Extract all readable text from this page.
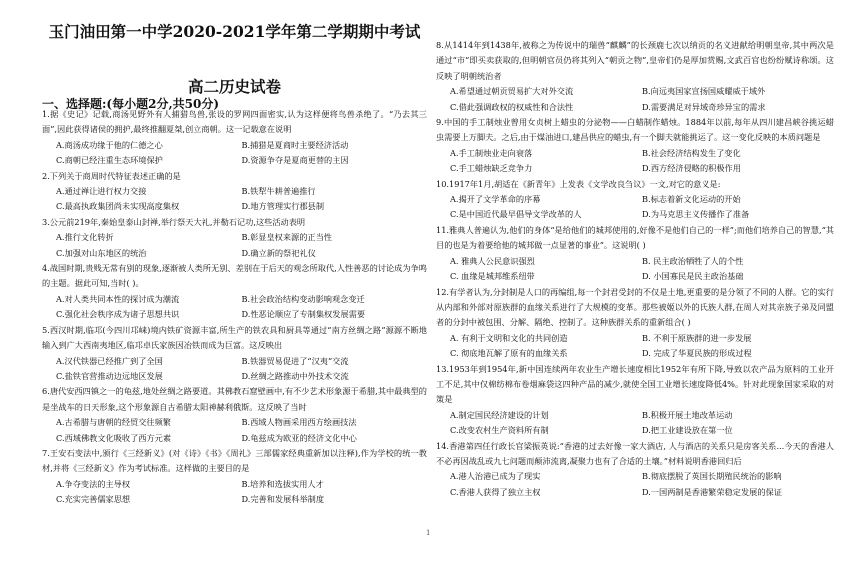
玉门油田第一中学2020-2021学年第二学期期中考试
高二历史试卷
一、选择题:(每小题2分,共50分)
1.据《史记》记载,商汤见野外有人捕猎鸟兽,张设的罗网四面密实,认为这样便将鸟兽杀绝了。“乃去其三面”,因此获得诸侯的拥护,最终推翻夏桀,创立商朝。这一记载意在说明
A.商汤成功缘于他的仁德之心	B.捕猎是夏商时主要经济活动
C.商朝已经注重生态环境保护	D.资源争夺是夏商更替的主因
2.下列关于商周时代特征表述正确的是
A.通过禅让进行权力交接	B.铁犁牛耕普遍推行
C.最高执政集团尚未实现高度集权	D.地方管理实行郡县制
3.公元前219年,秦始皇泰山封禅,举行祭天大礼,并勒石记功,这些活动表明
A.推行文化转折	B.彰显皇权来源的正当性
C.加强对山东地区的统治	D.确立新的祭祀礼仪
4.战国时期,贵贱无常有别的现象,逐渐被人类所无别、差别在于后天的观念所取代,人性善恶的讨论成为争鸣的主题。据此可知,当时( )。
A.对人类共同本性的探讨成为潮流	B.社会政治结构变动影响观念变迁
C.强化社会秩序成为诸子思想共识	D.性恶论顺应了专制集权发展需要
5.西汉时期,临邛(今四川邛崃)境内铁矿资源丰富,所生产的铁农具和厨具等通过“南方丝绸之路”源源不断地输入到广大西南夷地区,临邛卓氏家族因冶铁而成为巨富。这反映出
A.汉代铁器已经推广到了全国	B.铁器贸易促进了“汉夷”交流
C.盐铁官营推动边远地区发展	D.丝绸之路推动中外技术交流
6.唐代安西四镇之一的龟兹,地处丝绸之路要道。其佛教石窟壁画中,有不少艺术形象源于希腊,其中最典型的是坐战车的日天形象,这个形象源自古希腊太阳神赫利俄斯。这反映了当时
A.古希腊与唐朝的经贸交往频繁	B.西域人物画采用西方绘画技法
C.西域佛教文化吸收了西方元素	D.龟兹成为欧亚的经济文化中心
7.王安石变法中,颁行《三经新义》(对《诗》《书》《周礼》三部儒家经典重新加以注释),作为学校的统一教材,并将《三经新义》作为考试标准。这样做的主要目的是
A.争夺变法的主导权	B.培养和选拔实用人才
C.充实完善儒家思想	D.完善和发展科举制度
8.从1414年到1438年,被称之为传说中的瑞兽“麒麟”的长颈鹿七次以纳贡的名义进献给明朝皇帝,其中两次是通过“市”即买卖获取的,但明朝官员仍将其列入“朝贡之物”,皇帝们仍是厚加赏赐,文武百官也纷纷赋诗称颂。这反映了明朝统治者
A.希望通过朝贡贸易扩大对外交流	B.向远夷国家宣扬国威耀威于域外
C.借此强调政权的权威性和合法性	D.需要满足对异域奇珍异宝的需求
9.中国的手工制烛业曾用女贞树上蜡虫的分泌物——白蜡制作蜡烛。1884年以前,每年从四川建昌峡谷挑运蜡虫需要上万脚夫。之后,由于煤油进口,建昌供应的蜡虫,有一个脚夫就能挑运了。这一变化反映的本质问题是
A.手工制烛业走向衰落	B.社会经济结构发生了变化
C.手工蜡烛缺乏竞争力	D.西方经济侵略的积极作用
10.1917年1月,胡适在《新青年》上发表《文学改良刍议》一文,对它的意义是:
A.揭开了文学革命的序幕	B.标志着新文化运动的开始
C.是中国近代最早倡导文学改革的人	D.为马克思主义传播作了准备
11.雅典人普遍认为,他们的身体“是给他们的城邦使用的,好像不是他们自己的一样”;而他们培养自己的智慧,“其目的也是为着要给他的城邦做一点显著的事业”。这说明( )
A. 雅典人公民意识强烈	B. 民主政治牺牲了人的个性
C. 血缘是城邦维系纽带	D. 小国寡民是民主政治基础
12.有学者认为,分封制是人口的再编组,每一个封君受封的不仅是土地,更重要的是分领了不同的人群。它的实行从内部和外部对原族群的血缘关系进行了大规模的变革。那些被姬以外的氏族人群,在周人对其亲族子弟及同盟者的分封中被包围、分解、隔绝、控制了。这种族群关系的重新组合( )
A. 有利于文明和文化的共同创造	B. 不利于原族群的进一步发展
C. 彻底地瓦解了原有的血缘关系	D. 完成了华夏民族的形成过程
13.1953年到1954年,新中国连续两年农业生产增长速度相比1952年有所下降,导致以农产品为原料的工业开工不足,其中仅棉纺棉布卷烟麻袋这四种产品的减少,就使全国工业增长速度降低4%。针对此现象国家采取的对策是
A.制定国民经济建设的计划	B.积极开展土地改革运动
C.改变农村生产资料所有制	D.把工业建设放在第一位
14.香港第四任行政长官梁振英说:“香港的过去好像一家大酒店, 人与酒店的关系只是房客关系...今天的香港人不必再因战乱或九七问题而颠沛流离,凝聚力也有了合适的土壤。”材料说明香港回归后
A.港人治港已成为了现实	B.彻底摆脱了英国长期殖民统治的影响
C.香港人获得了独立主权	D.一国两制是香港繁荣稳定发展的保证
1
